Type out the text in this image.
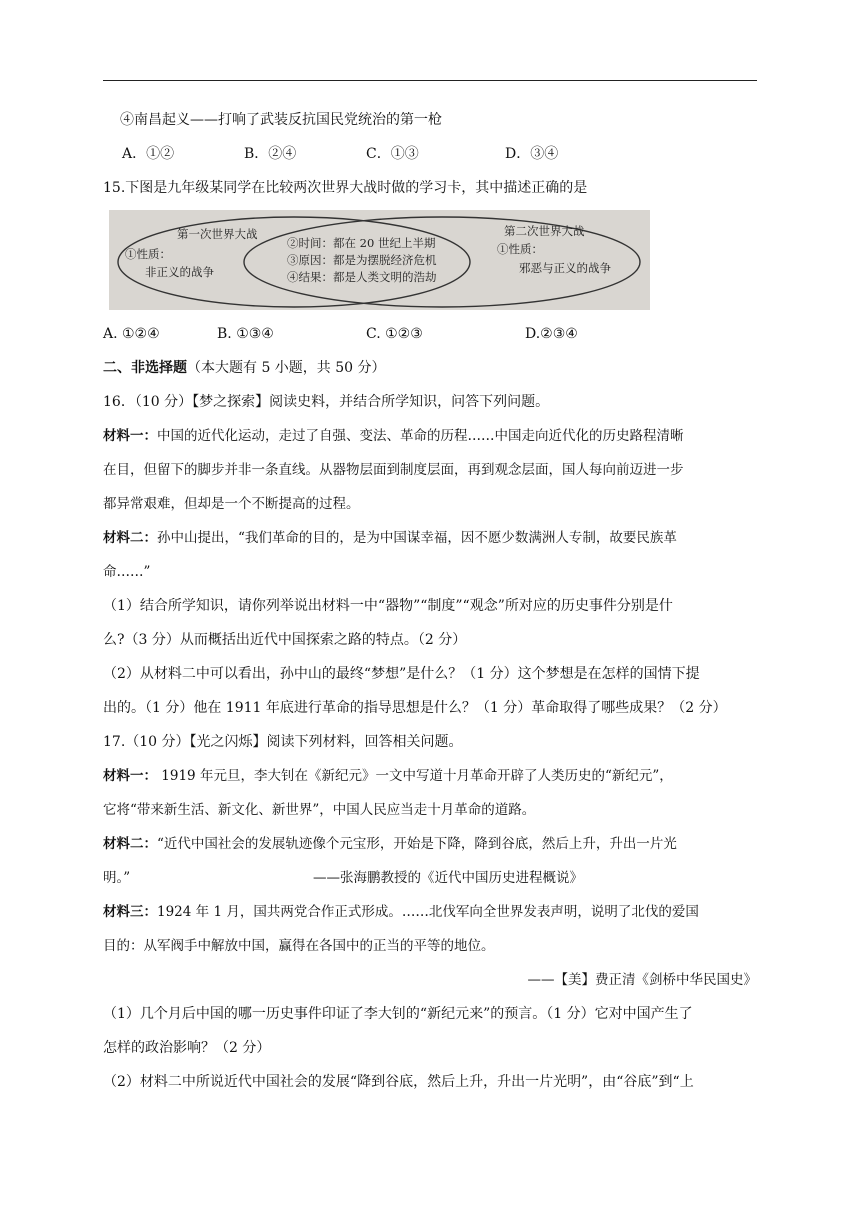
④南昌起义——打响了武装反抗国民党统治的第一枪
A．①②	B．②④	C．①③	D．③④
15.下图是九年级某同学在比较两次世界大战时做的学习卡，其中描述正确的是
第一次世界大战
①性质：
非正义的战争
②时间：都在 20 世纪上半期
③原因：都是为摆脱经济危机
④结果：都是人类文明的浩劫
第二次世界大战
①性质：
邪恶与正义的战争
A. ①②④	B. ①③④	C. ①②③	D.②③④
二、非选择题（本大题有 5 小题，共 50 分）
16．（10 分）【梦之探索】阅读史料，并结合所学知识，问答下列问题。
材料一：中国的近代化运动，走过了自强、变法、革命的历程……中国走向近代化的历史路程清晰
在目，但留下的脚步并非一条直线。从器物层面到制度层面，再到观念层面，国人每向前迈进一步
都异常艰难，但却是一个不断提高的过程。
材料二：孙中山提出，“我们革命的目的，是为中国谋幸福，因不愿少数满洲人专制，故要民族革
命……”
（1）结合所学知识，请你列举说出材料一中“器物”“制度”“观念”所对应的历史事件分别是什
么?（3 分）从而概括出近代中国探索之路的特点。（2 分）
（2）从材料二中可以看出，孙中山的最终“梦想”是什么？（1 分）这个梦想是在怎样的国情下提
出的。（1 分）他在 1911 年底进行革命的指导思想是什么？（1 分）革命取得了哪些成果？（2 分）
17.（10 分）【光之闪烁】阅读下列材料，回答相关问题。
材料一： 1919 年元旦，李大钊在《新纪元》一文中写道十月革命开辟了人类历史的“新纪元”，
它将“带来新生活、新文化、新世界”，中国人民应当走十月革命的道路。
材料二：“近代中国社会的发展轨迹像个元宝形，开始是下降，降到谷底，然后上升，升出一片光
明。”	——张海鹏教授的《近代中国历史进程概说》
材料三：1924 年 1 月，国共两党合作正式形成。……北伐军向全世界发表声明，说明了北伐的爱国
目的：从军阀手中解放中国，赢得在各国中的正当的平等的地位。
——【美】费正清《剑桥中华民国史》
（1）几个月后中国的哪一历史事件印证了李大钊的“新纪元来”的预言。（1 分）它对中国产生了
怎样的政治影响？（2 分）
（2）材料二中所说近代中国社会的发展“降到谷底，然后上升，升出一片光明”，由“谷底”到“上
